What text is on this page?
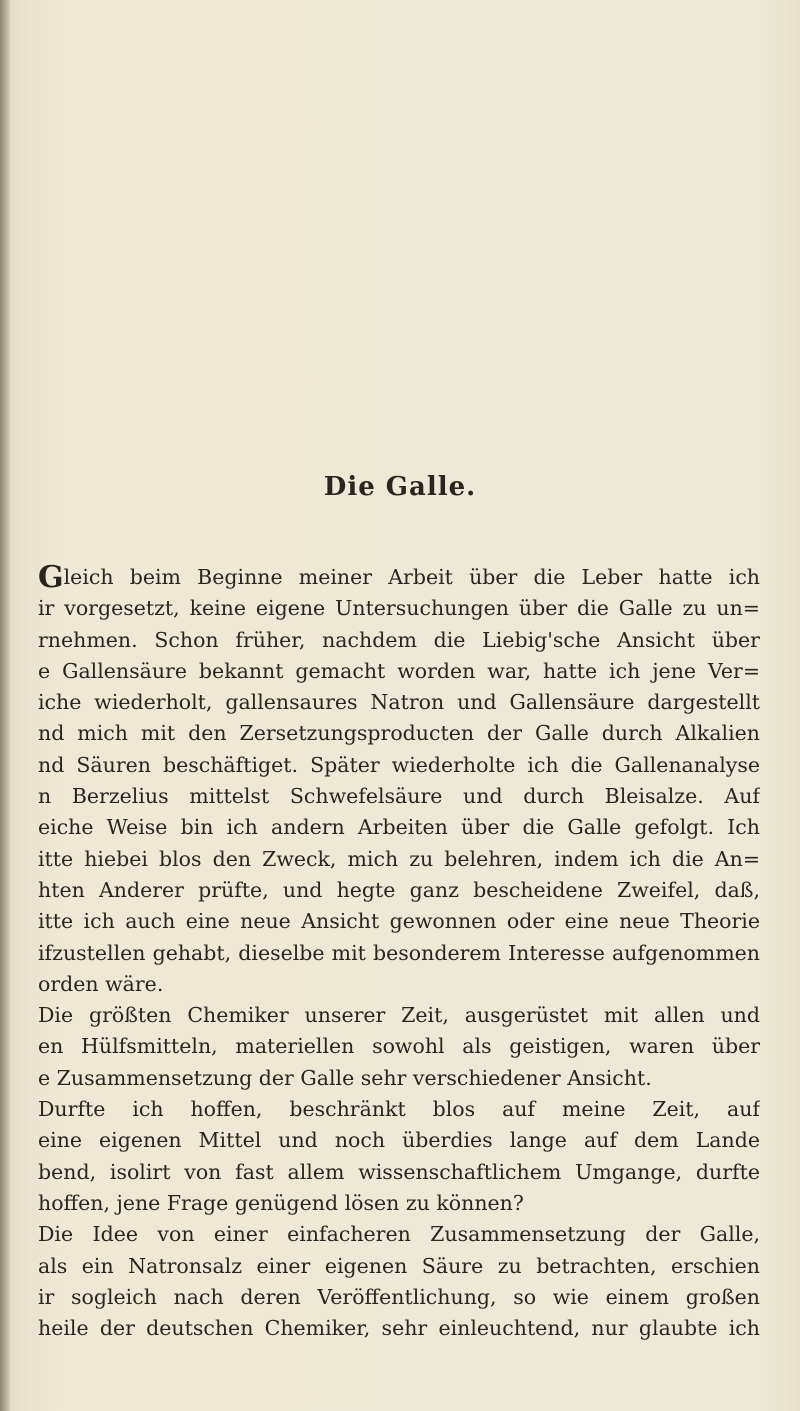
Die Galle.
Gleich beim Beginne meiner Arbeit über die Leber hatte ich
ir vorgesetzt, keine eigene Untersuchungen über die Galle zu un=
rnehmen. Schon früher, nachdem die Liebig'sche Ansicht über
e Gallensäure bekannt gemacht worden war, hatte ich jene Ver=
iche wiederholt, gallensaures Natron und Gallensäure dargestellt
nd mich mit den Zersetzungsproducten der Galle durch Alkalien
nd Säuren beschäftiget. Später wiederholte ich die Gallenanalyse
n Berzelius mittelst Schwefelsäure und durch Bleisalze. Auf
eiche Weise bin ich andern Arbeiten über die Galle gefolgt. Ich
itte hiebei blos den Zweck, mich zu belehren, indem ich die An=
hten Anderer prüfte, und hegte ganz bescheidene Zweifel, daß,
itte ich auch eine neue Ansicht gewonnen oder eine neue Theorie
ifzustellen gehabt, dieselbe mit besonderem Interesse aufgenommen
orden wäre.
Die größten Chemiker unserer Zeit, ausgerüstet mit allen und
en Hülfsmitteln, materiellen sowohl als geistigen, waren über
e Zusammensetzung der Galle sehr verschiedener Ansicht.
Durfte ich hoffen, beschränkt blos auf meine Zeit, auf
eine eigenen Mittel und noch überdies lange auf dem Lande
bend, isolirt von fast allem wissenschaftlichem Umgange, durfte
hoffen, jene Frage genügend lösen zu können?
Die Idee von einer einfacheren Zusammensetzung der Galle,
als ein Natronsalz einer eigenen Säure zu betrachten, erschien
ir sogleich nach deren Veröffentlichung, so wie einem großen
heile der deutschen Chemiker, sehr einleuchtend, nur glaubte ich
